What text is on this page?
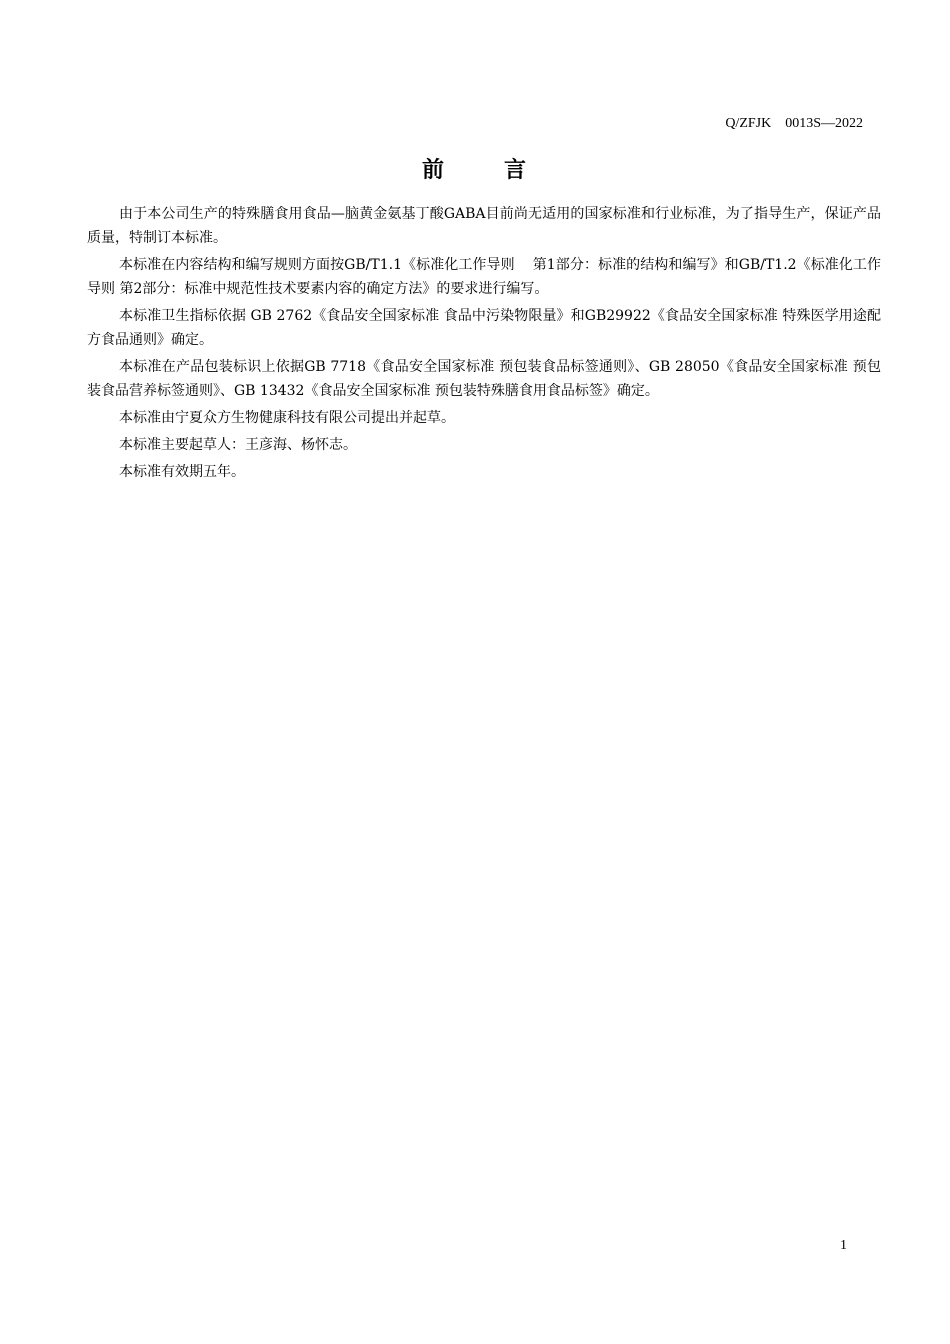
Q/ZFJK    0013S—2022
前      言

由于本公司生产的特殊膳食用食品—脑黄金氨基丁酸GABA目前尚无适用的国家标准和行业标准，为了指导生产，保证产品质量，特制订本标准。

本标准在内容结构和编写规则方面按GB/T1.1《标准化工作导则    第1部分：标准的结构和编写》和GB/T1.2《标准化工作导则 第2部分：标准中规范性技术要素内容的确定方法》的要求进行编写。

本标准卫生指标依据 GB 2762《食品安全国家标准 食品中污染物限量》和GB29922《食品安全国家标准 特殊医学用途配方食品通则》确定。

本标准在产品包装标识上依据GB 7718《食品安全国家标准 预包装食品标签通则》、GB 28050《食品安全国家标准 预包装食品营养标签通则》、GB 13432《食品安全国家标准 预包装特殊膳食用食品标签》确定。

本标准由宁夏众方生物健康科技有限公司提出并起草。

本标准主要起草人：王彦海、杨怀志。

本标准有效期五年。

1
